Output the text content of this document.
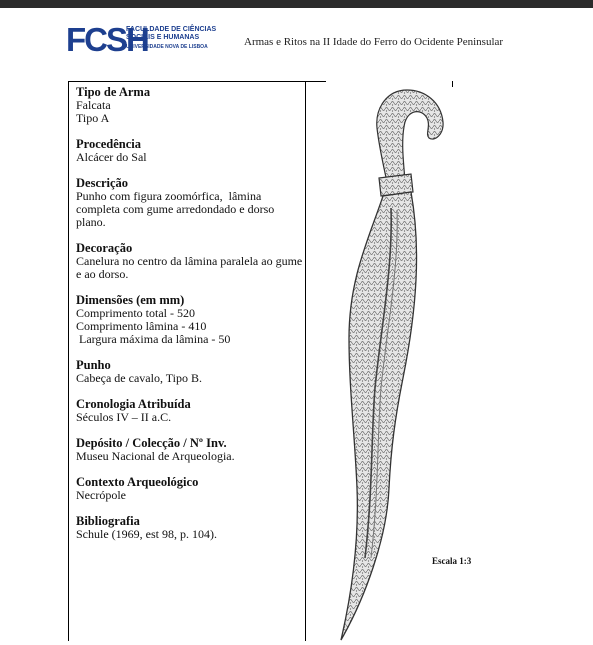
FCSH
FACULDADE DE CIÊNCIAS
SOCIAIS E HUMANAS
UNIVERSIDADE NOVA DE LISBOA	Armas e Ritos na II Idade do Ferro do Ocidente Peninsular
Tipo de Arma

Falcata

Tipo A

Procedência

Alcácer do Sal

Descrição

Punho com figura zoomórfica,  lâmina completa com gume arredondado e dorso plano.

Decoração

Canelura no centro da lâmina paralela ao gume e ao dorso.

Dimensões (em mm)

Comprimento total - 520

Comprimento lâmina - 410

Largura máxima da lâmina - 50

Punho

Cabeça de cavalo, Tipo B.

Cronologia Atribuída

Séculos IV – II a.C.

Depósito / Colecção / Nº Inv.

Museu Nacional de Arqueologia.

Contexto Arqueológico

Necrópole

Bibliografia

Schule (1969, est 98, p. 104).

Escala 1:3
